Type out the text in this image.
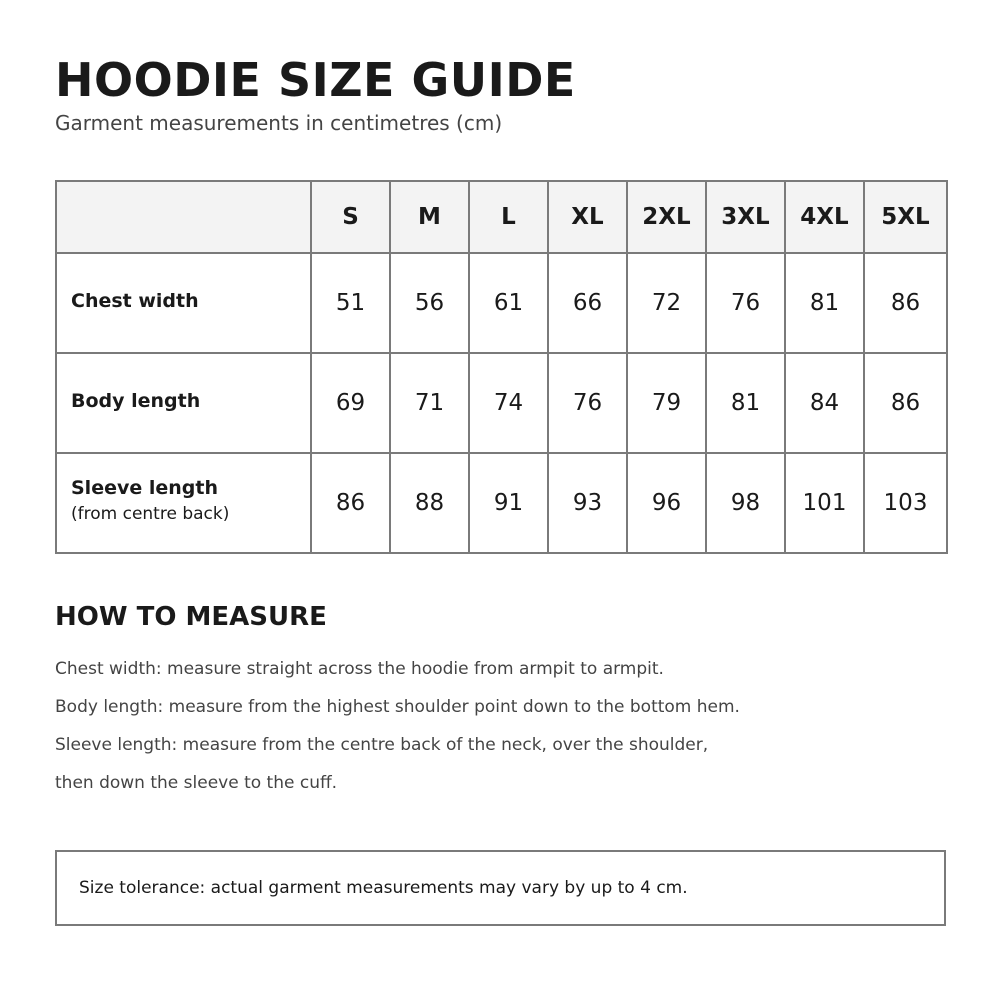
HOODIE SIZE GUIDE
Garment measurements in centimetres (cm)
	S	M	L	XL	2XL	3XL	4XL	5XL

Chest width	51	56	61	66	72	76	81	86

Body length	69	71	74	76	79	81	84	86

Sleeve length
(from centre back)	86	88	91	93	96	98	101	103
HOW TO MEASURE
Chest width: measure straight across the hoodie from armpit to armpit.
Body length: measure from the highest shoulder point down to the bottom hem.
Sleeve length: measure from the centre back of the neck, over the shoulder,
then down the sleeve to the cuff.
Size tolerance: actual garment measurements may vary by up to 4 cm.
